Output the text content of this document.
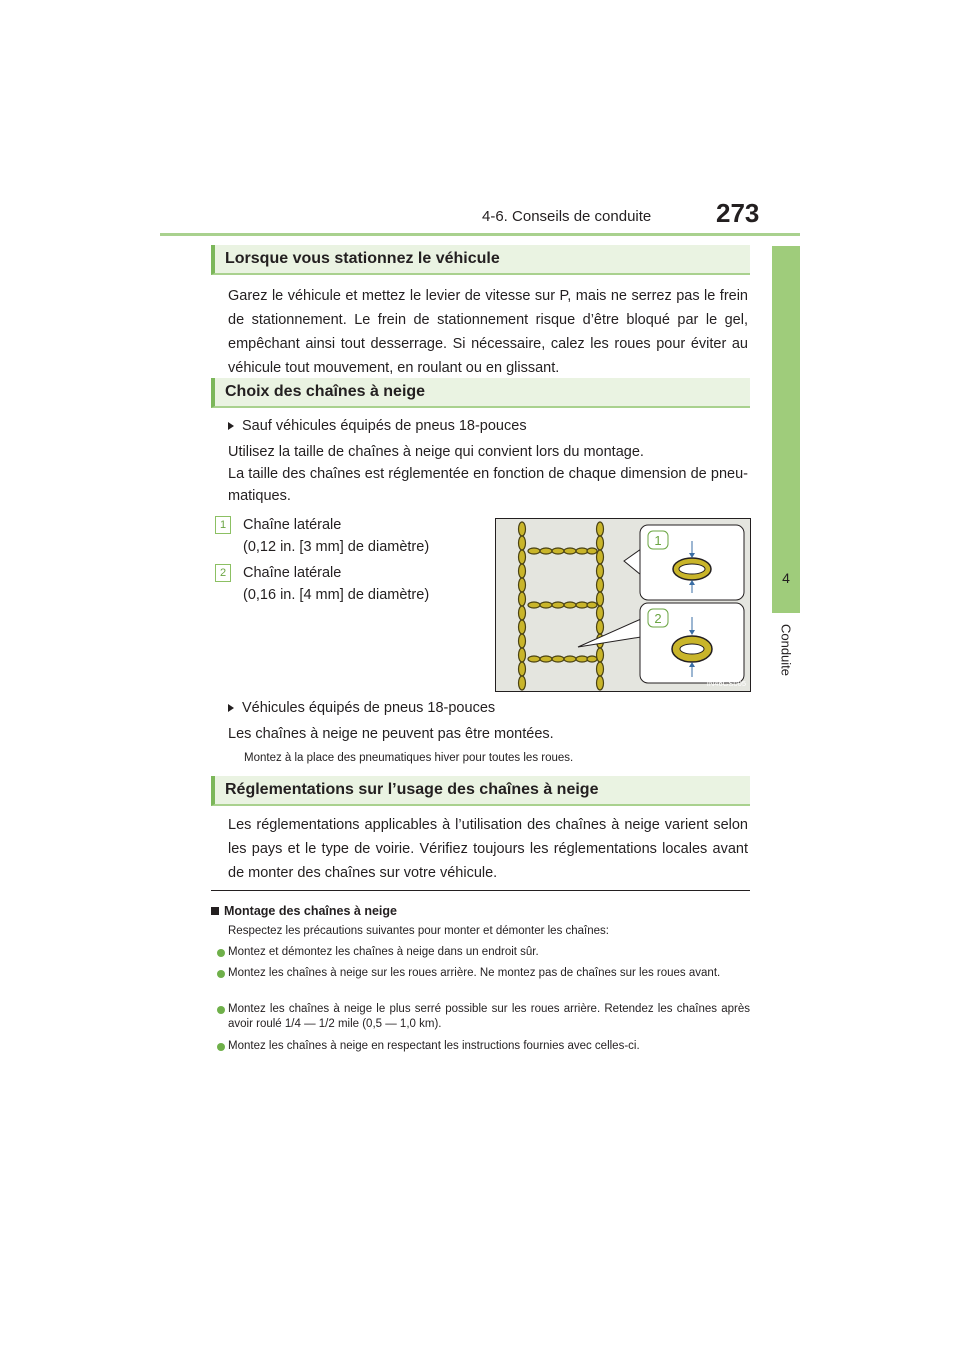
4-6. Conseils de conduite 273
Conduite
4
Lorsque vous stationnez le véhicule
Garez le véhicule et mettez le levier de vitesse sur P, mais ne serrez pas le frein de stationnement. Le frein de stationnement risque d’être bloqué par le gel, empêchant ainsi tout desserrage. Si nécessaire, calez les roues pour éviter au véhicule tout mouvement, en roulant ou en glissant.
Choix des chaînes à neige
Sauf véhicules équipés de pneus 18-pouces
Utilisez la taille de chaînes à neige qui convient lors du montage.
La taille des chaînes est réglementée en fonction de chaque dimension de pneu-matiques.
1	Chaîne latérale
(0,12 in. [3 mm] de diamètre)
2	Chaîne latérale
(0,16 in. [4 mm] de diamètre)
1
2
IN46GS005
Véhicules équipés de pneus 18-pouces
Les chaînes à neige ne peuvent pas être montées.
Montez à la place des pneumatiques hiver pour toutes les roues.
Réglementations sur l’usage des chaînes à neige
Les réglementations applicables à l’utilisation des chaînes à neige varient selon les pays et le type de voirie. Vérifiez toujours les réglementations locales avant de monter des chaînes sur votre véhicule.
Montage des chaînes à neige
Respectez les précautions suivantes pour monter et démonter les chaînes:
Montez et démontez les chaînes à neige dans un endroit sûr.
Montez les chaînes à neige sur les roues arrière. Ne montez pas de chaînes sur les roues avant.
Montez les chaînes à neige le plus serré possible sur les roues arrière. Retendez les chaînes après avoir roulé 1/4 — 1/2 mile (0,5 — 1,0 km).
Montez les chaînes à neige en respectant les instructions fournies avec celles-ci.
